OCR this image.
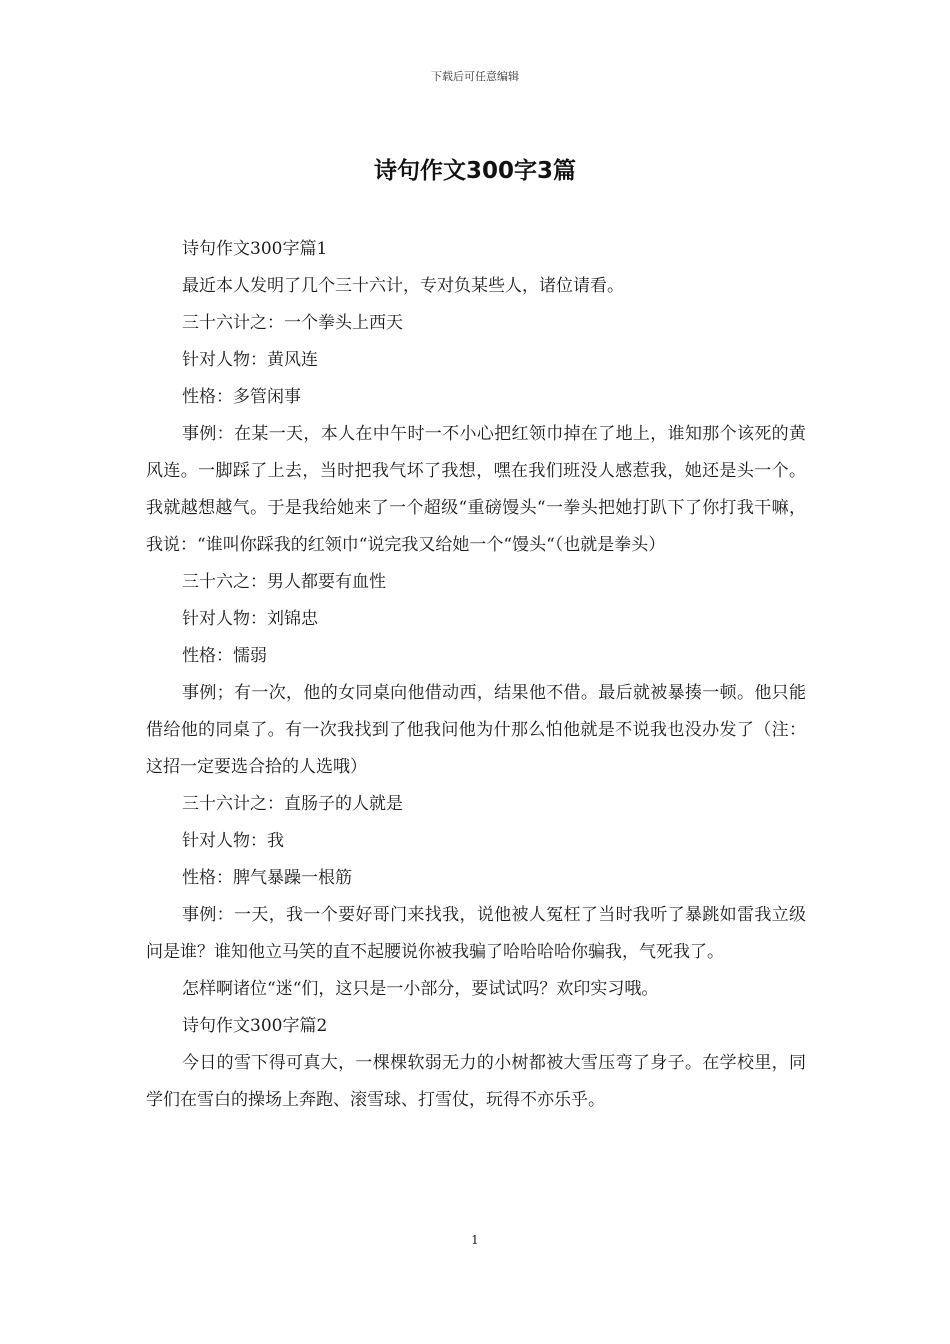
下载后可任意编辑
诗句作文300字3篇

诗句作文300字篇1

最近本人发明了几个三十六计，专对负某些人，诸位请看。

三十六计之：一个拳头上西天

针对人物：黄风连

性格：多管闲事

事例：在某一天，本人在中午时一不小心把红领巾掉在了地上，谁知那个该死的黄风连。一脚踩了上去，当时把我气坏了我想，嘿在我们班没人感惹我，她还是头一个。我就越想越气。于是我给她来了一个超级“重磅馒头“一拳头把她打趴下了你打我干嘛，我说：“谁叫你踩我的红领巾“说完我又给她一个“馒头“（也就是拳头）

三十六之：男人都要有血性

针对人物：刘锦忠

性格：懦弱

事例；有一次，他的女同桌向他借动西，结果他不借。最后就被暴揍一顿。他只能借给他的同桌了。有一次我找到了他我问他为什那么怕他就是不说我也没办发了（注：这招一定要选合拾的人选哦）

三十六计之：直肠子的人就是

针对人物：我

性格：脾气暴躁一根筋

事例：一天，我一个要好哥门来找我，说他被人冤枉了当时我听了暴跳如雷我立级问是谁？谁知他立马笑的直不起腰说你被我骗了哈哈哈哈你骗我，气死我了。

怎样啊诸位“迷“们，这只是一小部分，要试试吗？欢印实习哦。

诗句作文300字篇2

今日的雪下得可真大，一棵棵软弱无力的小树都被大雪压弯了身子。在学校里，同学们在雪白的操场上奔跑、滚雪球、打雪仗，玩得不亦乐乎。

1
